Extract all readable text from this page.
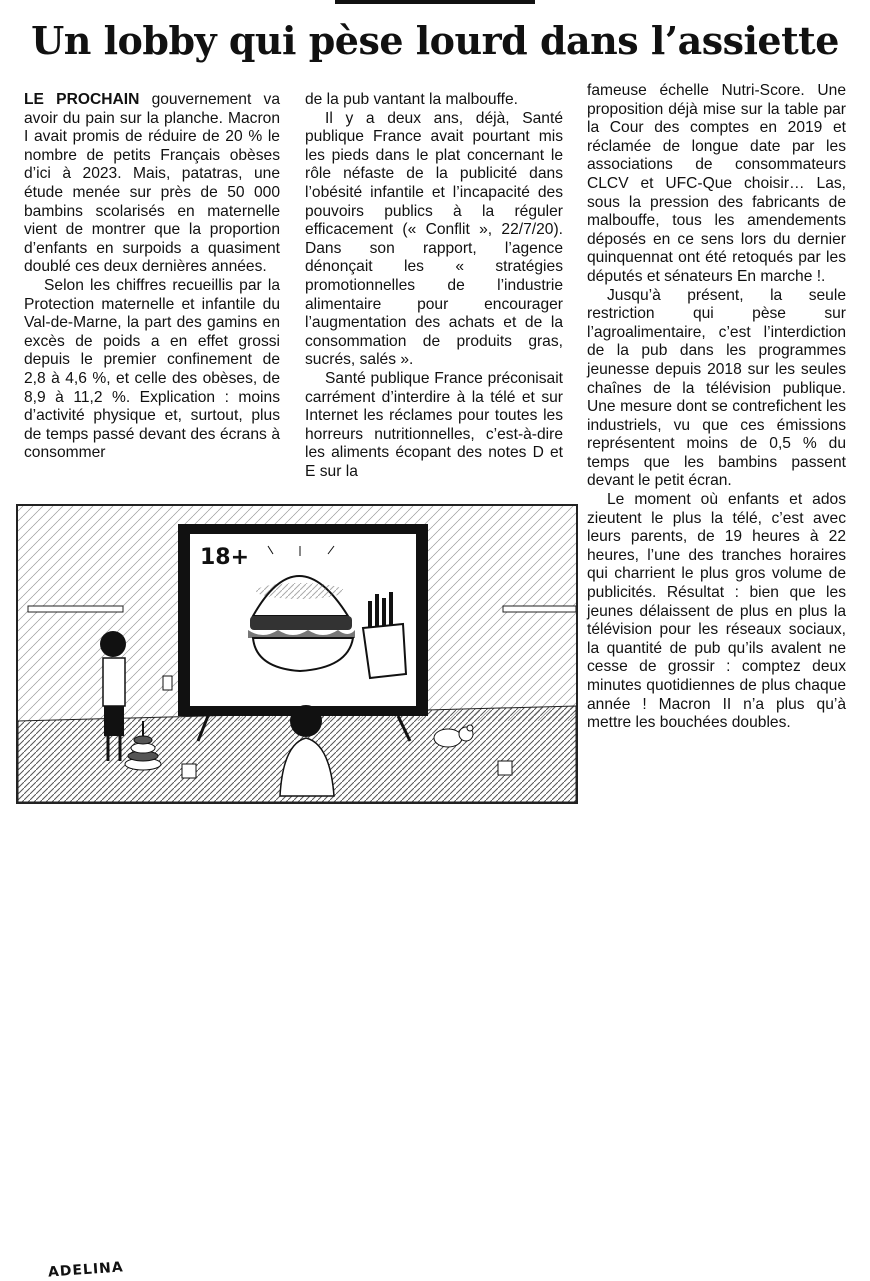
Un lobby qui pèse lourd dans l’assiette

LE PROCHAIN gouvernement va avoir du pain sur la planche. Macron I avait promis de réduire de 20 % le nombre de petits Français obèses d’ici à 2023. Mais, patatras, une étude menée sur près de 50 000 bambins scolarisés en maternelle vient de montrer que la proportion d’enfants en surpoids a quasiment doublé ces deux dernières années.

Selon les chiffres recueillis par la Protection maternelle et infantile du Val-de-Marne, la part des gamins en excès de poids a en effet grossi depuis le premier confinement de 2,8 à 4,6 %, et celle des obèses, de 8,9 à 11,2 %. Explication : moins d’activité physique et, surtout, plus de temps passé devant des écrans à consommer

de la pub vantant la malbouffe.

Il y a deux ans, déjà, Santé publique France avait pourtant mis les pieds dans le plat concernant le rôle néfaste de la publicité dans l’obésité infantile et l’incapacité des pouvoirs publics à la réguler efficacement (« Conflit », 22/7/20). Dans son rapport, l’agence dénonçait les « stratégies promotionnelles de l’industrie alimentaire pour encourager l’augmentation des achats et de la consommation de produits gras, sucrés, salés ».

Santé publique France préconisait carrément d’interdire à la télé et sur Internet les réclames pour toutes les horreurs nutritionnelles, c’est-à-dire les aliments écopant des notes D et E sur la

fameuse échelle Nutri-Score. Une proposition déjà mise sur la table par la Cour des comptes en 2019 et réclamée de longue date par les associations de consommateurs CLCV et UFC-Que choisir… Las, sous la pression des fabricants de malbouffe, tous les amendements déposés en ce sens lors du dernier quinquennat ont été retoqués par les députés et sénateurs En marche !.

Jusqu’à présent, la seule restriction qui pèse sur l’agroalimentaire, c’est l’interdiction de la pub dans les programmes jeunesse depuis 2018 sur les seules chaînes de la télévision publique. Une mesure dont se contrefichent les industriels, vu que ces émissions représentent moins de 0,5 % du temps que les bambins passent devant le petit écran.

Le moment où enfants et ados zieutent le plus la télé, c’est avec leurs parents, de 19 heures à 22 heures, l’une des tranches horaires qui charrient le plus gros volume de publicités. Résultat : bien que les jeunes délaissent de plus en plus la télévision pour les réseaux sociaux, la quantité de pub qu’ils avalent ne cesse de grossir : comptez deux minutes quotidiennes de plus chaque année ! Macron II n’a plus qu’à mettre les bouchées doubles.

18+
ADELINA
